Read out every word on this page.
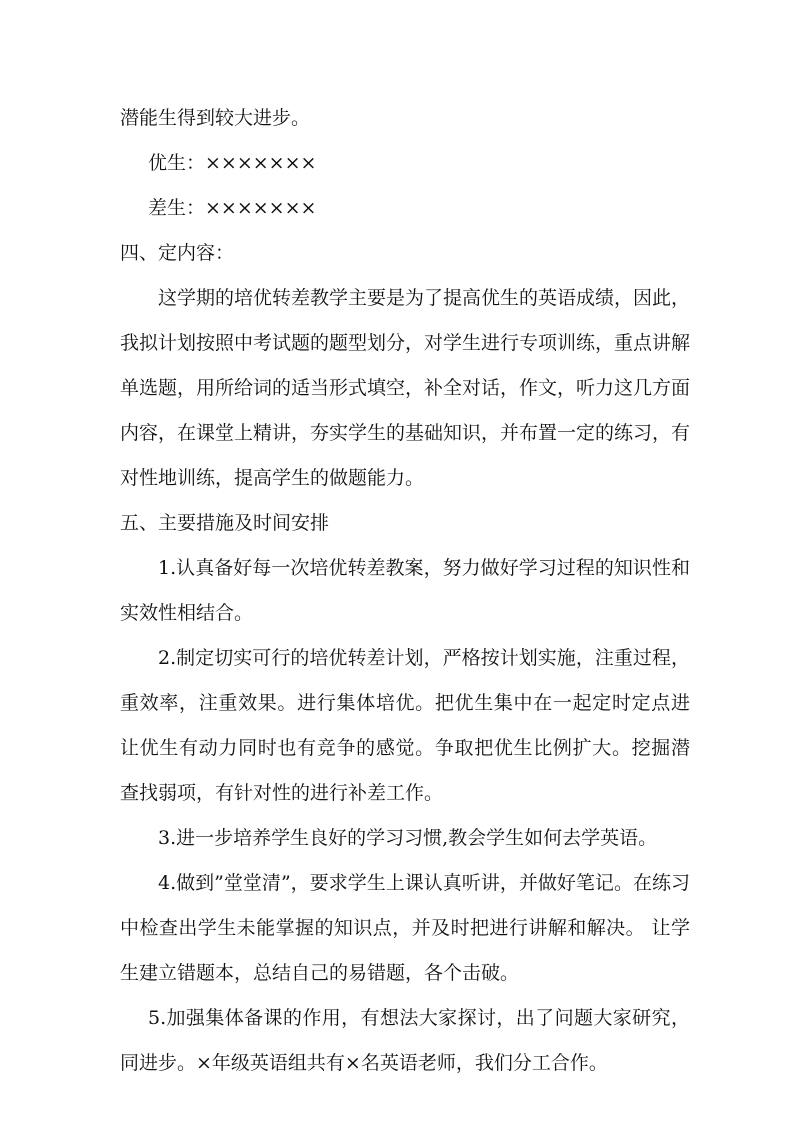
潜能生得到较大进步。
优生：×××××××
差生：×××××××
四、定内容：
这学期的培优转差教学主要是为了提高优生的英语成绩，因此，
我拟计划按照中考试题的题型划分，对学生进行专项训练，重点讲解
单选题，用所给词的适当形式填空，补全对话，作文，听力这几方面
内容，在课堂上精讲，夯实学生的基础知识，并布置一定的练习，有
对性地训练，提高学生的做题能力。
五、主要措施及时间安排
1.认真备好每一次培优转差教案，努力做好学习过程的知识性和
实效性相结合。
2.制定切实可行的培优转差计划，严格按计划实施，注重过程，
重效率，注重效果。进行集体培优。把优生集中在一起定时定点进
让优生有动力同时也有竞争的感觉。争取把优生比例扩大。挖掘潜
查找弱项，有针对性的进行补差工作。
3.进一步培养学生良好的学习习惯,教会学生如何去学英语。
4.做到”堂堂清”，要求学生上课认真听讲，并做好笔记。在练习
中检查出学生未能掌握的知识点，并及时把进行讲解和解决。 让学
生建立错题本，总结自己的易错题，各个击破。
5.加强集体备课的作用，有想法大家探讨，出了问题大家研究，
同进步。×年级英语组共有×名英语老师，我们分工合作。
